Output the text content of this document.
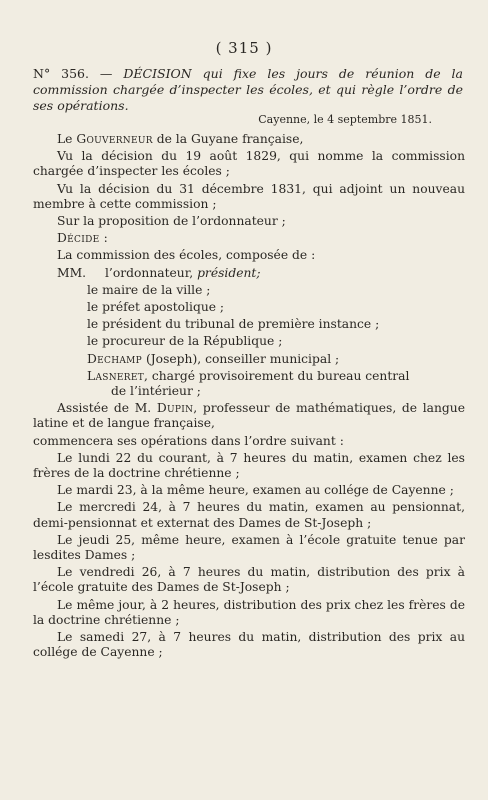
( 315 )
N° 356. — DÉCISION qui fixe les jours de réunion de la commission chargée d’inspecter les écoles, et qui règle l’ordre de ses opérations.
Cayenne, le 4 septembre 1851.

Le Gouverneur de la Guyane française,

Vu la décision du 19 août 1829, qui nomme la commission chargée d’inspecter les écoles ;

Vu la décision du 31 décembre 1831, qui adjoint un nouveau membre à cette commission ;

Sur la proposition de l’ordonnateur ;

Décide :

La commission des écoles, composée de :

MM. l’ordonnateur, président;
le maire de la ville ;
le préfet apostolique ;
le président du tribunal de première instance ;
le procureur de la République ;
Dechamp (Joseph), conseiller municipal ;
Lasneret, chargé provisoirement du bureau central
de l’intérieur ;

Assistée de M. Dupin, professeur de mathématiques, de langue latine et de langue française,

commencera ses opérations dans l’ordre suivant :

Le lundi 22 du courant, à 7 heures du matin, examen chez les frères de la doctrine chrétienne ;

Le mardi 23, à la même heure, examen au collége de Cayenne ;

Le mercredi 24, à 7 heures du matin, examen au pensionnat, demi-pensionnat et externat des Dames de St-Joseph ;

Le jeudi 25, même heure, examen à l’école gratuite tenue par lesdites Dames ;

Le vendredi 26, à 7 heures du matin, distribution des prix à l’école gratuite des Dames de St-Joseph ;

Le même jour, à 2 heures, distribution des prix chez les frères de la doctrine chrétienne ;

Le samedi 27, à 7 heures du matin, distribution des prix au collége de Cayenne ;
